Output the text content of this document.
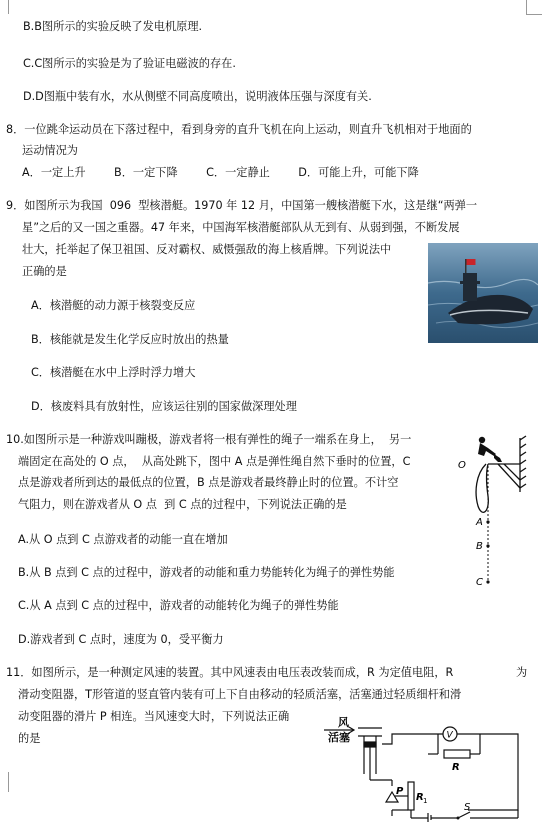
B.B图所示的实验反映了发电机原理.
C.C图所示的实验是为了验证电磁波的存在.
D.D图瓶中装有水，水从侧壁不同高度喷出，说明液体压强与深度有关.
8．一位跳伞运动员在下落过程中，看到身旁的直升飞机在向上运动，则直升飞机相对于地面的
运动情况为
A．一定上升        B．一定下降        C．一定静止        D．可能上升，可能下降
9．如图所示为我国  096  型核潜艇。1970 年 12 月，中国第一艘核潜艇下水，这是继“两弹一
星”之后的又一国之重器。47 年来，中国海军核潜艇部队从无到有、从弱到强，不断发展
壮大，托举起了保卫祖国、反对霸权、威慑强敌的海上核盾牌。下列说法中
正确的是
A．核潜艇的动力源于核裂变反应
B．核能就是发生化学反应时放出的热量
C．核潜艇在水中上浮时浮力增大
D．核废料具有放射性，应该运往别的国家做深理处理
10.如图所示是一种游戏叫蹦极，游戏者将一根有弹性的绳子一端系在身上，  另一
端固定在高处的 O 点，  从高处跳下，图中 A 点是弹性绳自然下垂时的位置，C
点是游戏者所到达的最低点的位置，B 点是游戏者最终静止时的位置。不计空
气阻力，则在游戏者从 O 点  到 C 点的过程中，下列说法正确的是
O
A
B
C
A.从 O 点到 C 点游戏者的动能一直在增加
B.从 B 点到 C 点的过程中，游戏者的动能和重力势能转化为绳子的弹性势能
C.从 A 点到 C 点的过程中，游戏者的动能转化为绳子的弹性势能
D.游戏者到 C 点时，速度为 0，受平衡力
11．如图所示，是一种测定风速的装置。其中风速表由电压表改装而成，R 为定值电阻，R	为
滑动变阻器，T形管道的竖直管内装有可上下自由移动的轻质活塞，活塞通过轻质细杆和滑
动变阻器的滑片 P 相连。当风速变大时，下列说法正确
的是
风
活塞	V
R
P
R 1
S
